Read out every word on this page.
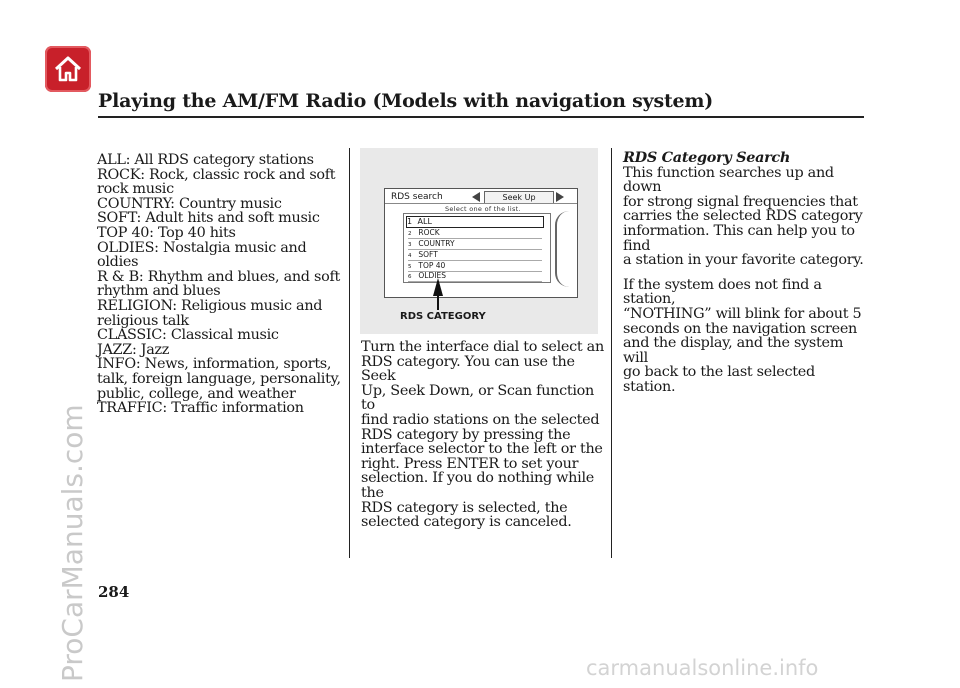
Playing the AM/FM Radio (Models with navigation system)

ALL: All RDS category stations

ROCK: Rock, classic rock and soft

rock music

COUNTRY: Country music

SOFT: Adult hits and soft music

TOP 40: Top 40 hits

OLDIES: Nostalgia music and oldies

R & B: Rhythm and blues, and soft

rhythm and blues

RELIGION: Religious music and

religious talk

CLASSIC: Classical music

JAZZ: Jazz

INFO: News, information, sports,

talk, foreign language, personality,

public, college, and weather

TRAFFIC: Traffic information

RDS search	Seek Up
Select one of the list.
1 ALL
2 ROCK
3 COUNTRY
4 SOFT
5 TOP 40
6 OLDIES
RDS CATEGORY

Turn the interface dial to select an

RDS category. You can use the Seek

Up, Seek Down, or Scan function to

find radio stations on the selected

RDS category by pressing the

interface selector to the left or the

right. Press ENTER to set your

selection. If you do nothing while the

RDS category is selected, the

selected category is canceled.

RDS Category Search

This function searches up and down

for strong signal frequencies that

carries the selected RDS category

information. This can help you to find

a station in your favorite category.

If the system does not find a station,

“NOTHING” will blink for about 5

seconds on the navigation screen

and the display, and the system will

go back to the last selected station.

284
ProCarManuals.com	carmanualsonline.info
